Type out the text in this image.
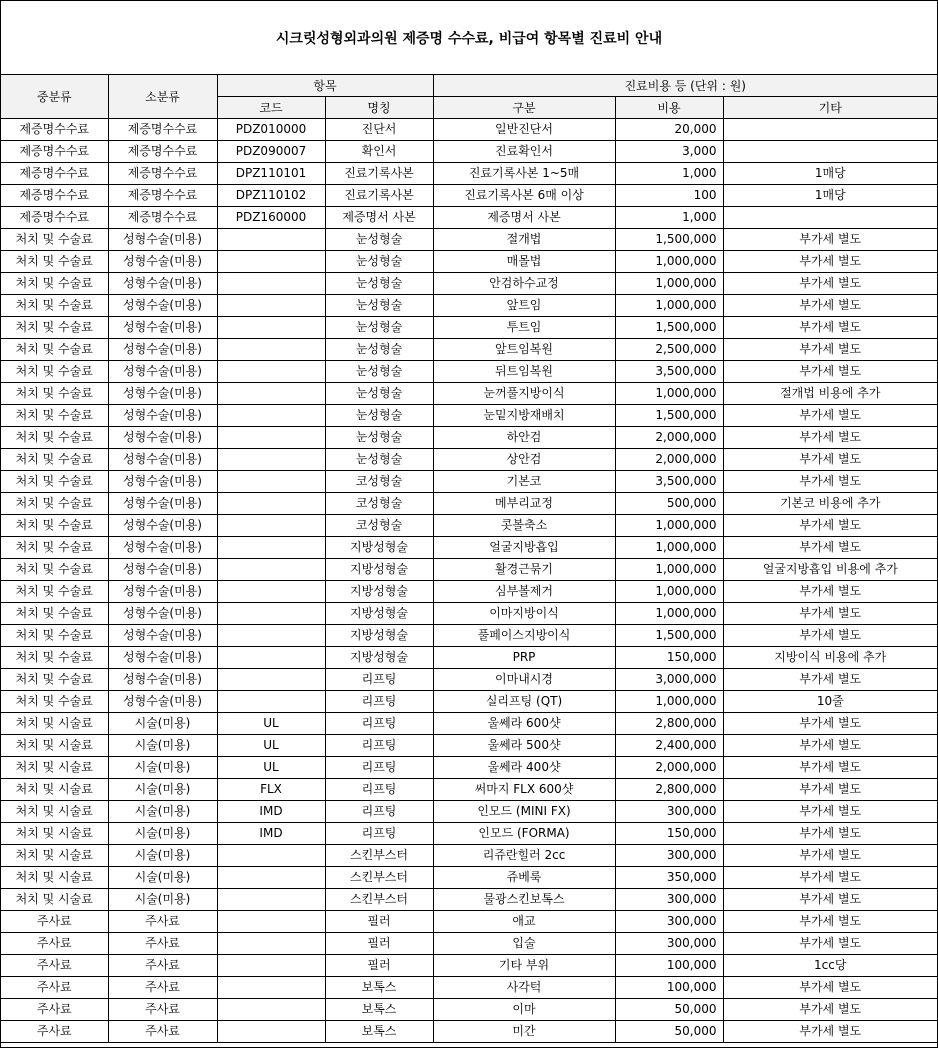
시크릿성형외과의원 제증명 수수료, 비급여 항목별 진료비 안내
중분류	소분류	항목		진료비용 등 (단위 : 원)		
		코드	명칭	구분	비용	기타
제증명수수료	제증명수수료	PDZ010000	진단서	일반진단서	20,000	
제증명수수료	제증명수수료	PDZ090007	확인서	진료확인서	3,000	
제증명수수료	제증명수수료	DPZ110101	진료기록사본	진료기록사본 1~5매	1,000	1매당
제증명수수료	제증명수수료	DPZ110102	진료기록사본	진료기록사본 6매 이상	100	1매당
제증명수수료	제증명수수료	PDZ160000	제증명서 사본	제증명서 사본	1,000	
처치 및 수술료	성형수술(미용)		눈성형술	절개법	1,500,000	부가세 별도
처치 및 수술료	성형수술(미용)		눈성형술	매몰법	1,000,000	부가세 별도
처치 및 수술료	성형수술(미용)		눈성형술	안검하수교정	1,000,000	부가세 별도
처치 및 수술료	성형수술(미용)		눈성형술	앞트임	1,000,000	부가세 별도
처치 및 수술료	성형수술(미용)		눈성형술	투트임	1,500,000	부가세 별도
처치 및 수술료	성형수술(미용)		눈성형술	앞트임복원	2,500,000	부가세 별도
처치 및 수술료	성형수술(미용)		눈성형술	뒤트임복원	3,500,000	부가세 별도
처치 및 수술료	성형수술(미용)		눈성형술	눈꺼풀지방이식	1,000,000	절개법 비용에 추가
처치 및 수술료	성형수술(미용)		눈성형술	눈밑지방재배치	1,500,000	부가세 별도
처치 및 수술료	성형수술(미용)		눈성형술	하안검	2,000,000	부가세 별도
처치 및 수술료	성형수술(미용)		눈성형술	상안검	2,000,000	부가세 별도
처치 및 수술료	성형수술(미용)		코성형술	기본코	3,500,000	부가세 별도
처치 및 수술료	성형수술(미용)		코성형술	메부리교정	500,000	기본코 비용에 추가
처치 및 수술료	성형수술(미용)		코성형술	콧볼축소	1,000,000	부가세 별도
처치 및 수술료	성형수술(미용)		지방성형술	얼굴지방흡입	1,000,000	부가세 별도
처치 및 수술료	성형수술(미용)		지방성형술	활경근묶기	1,000,000	얼굴지방흡입 비용에 추가
처치 및 수술료	성형수술(미용)		지방성형술	심부볼제거	1,000,000	부가세 별도
처치 및 수술료	성형수술(미용)		지방성형술	이마지방이식	1,000,000	부가세 별도
처치 및 수술료	성형수술(미용)		지방성형술	풀페이스지방이식	1,500,000	부가세 별도
처치 및 수술료	성형수술(미용)		지방성형술	PRP	150,000	지방이식 비용에 추가
처치 및 수술료	성형수술(미용)		리프팅	이마내시경	3,000,000	부가세 별도
처치 및 수술료	성형수술(미용)		리프팅	실리프팅 (QT)	1,000,000	10줄
처치 및 시술료	시술(미용)	UL	리프팅	울쎄라 600샷	2,800,000	부가세 별도
처치 및 시술료	시술(미용)	UL	리프팅	울쎄라 500샷	2,400,000	부가세 별도
처치 및 시술료	시술(미용)	UL	리프팅	울쎄라 400샷	2,000,000	부가세 별도
처치 및 시술료	시술(미용)	FLX	리프팅	써마지 FLX 600샷	2,800,000	부가세 별도
처치 및 시술료	시술(미용)	IMD	리프팅	인모드 (MINI FX)	300,000	부가세 별도
처치 및 시술료	시술(미용)	IMD	리프팅	인모드 (FORMA)	150,000	부가세 별도
처치 및 시술료	시술(미용)		스킨부스터	리쥬란힐러 2cc	300,000	부가세 별도
처치 및 시술료	시술(미용)		스킨부스터	쥬베룩	350,000	부가세 별도
처치 및 시술료	시술(미용)		스킨부스터	물광스킨보톡스	300,000	부가세 별도
주사료	주사료		필러	애교	300,000	부가세 별도
주사료	주사료		필러	입술	300,000	부가세 별도
주사료	주사료		필러	기타 부위	100,000	1cc당
주사료	주사료		보톡스	사각턱	100,000	부가세 별도
주사료	주사료		보톡스	이마	50,000	부가세 별도
주사료	주사료		보톡스	미간	50,000	부가세 별도
